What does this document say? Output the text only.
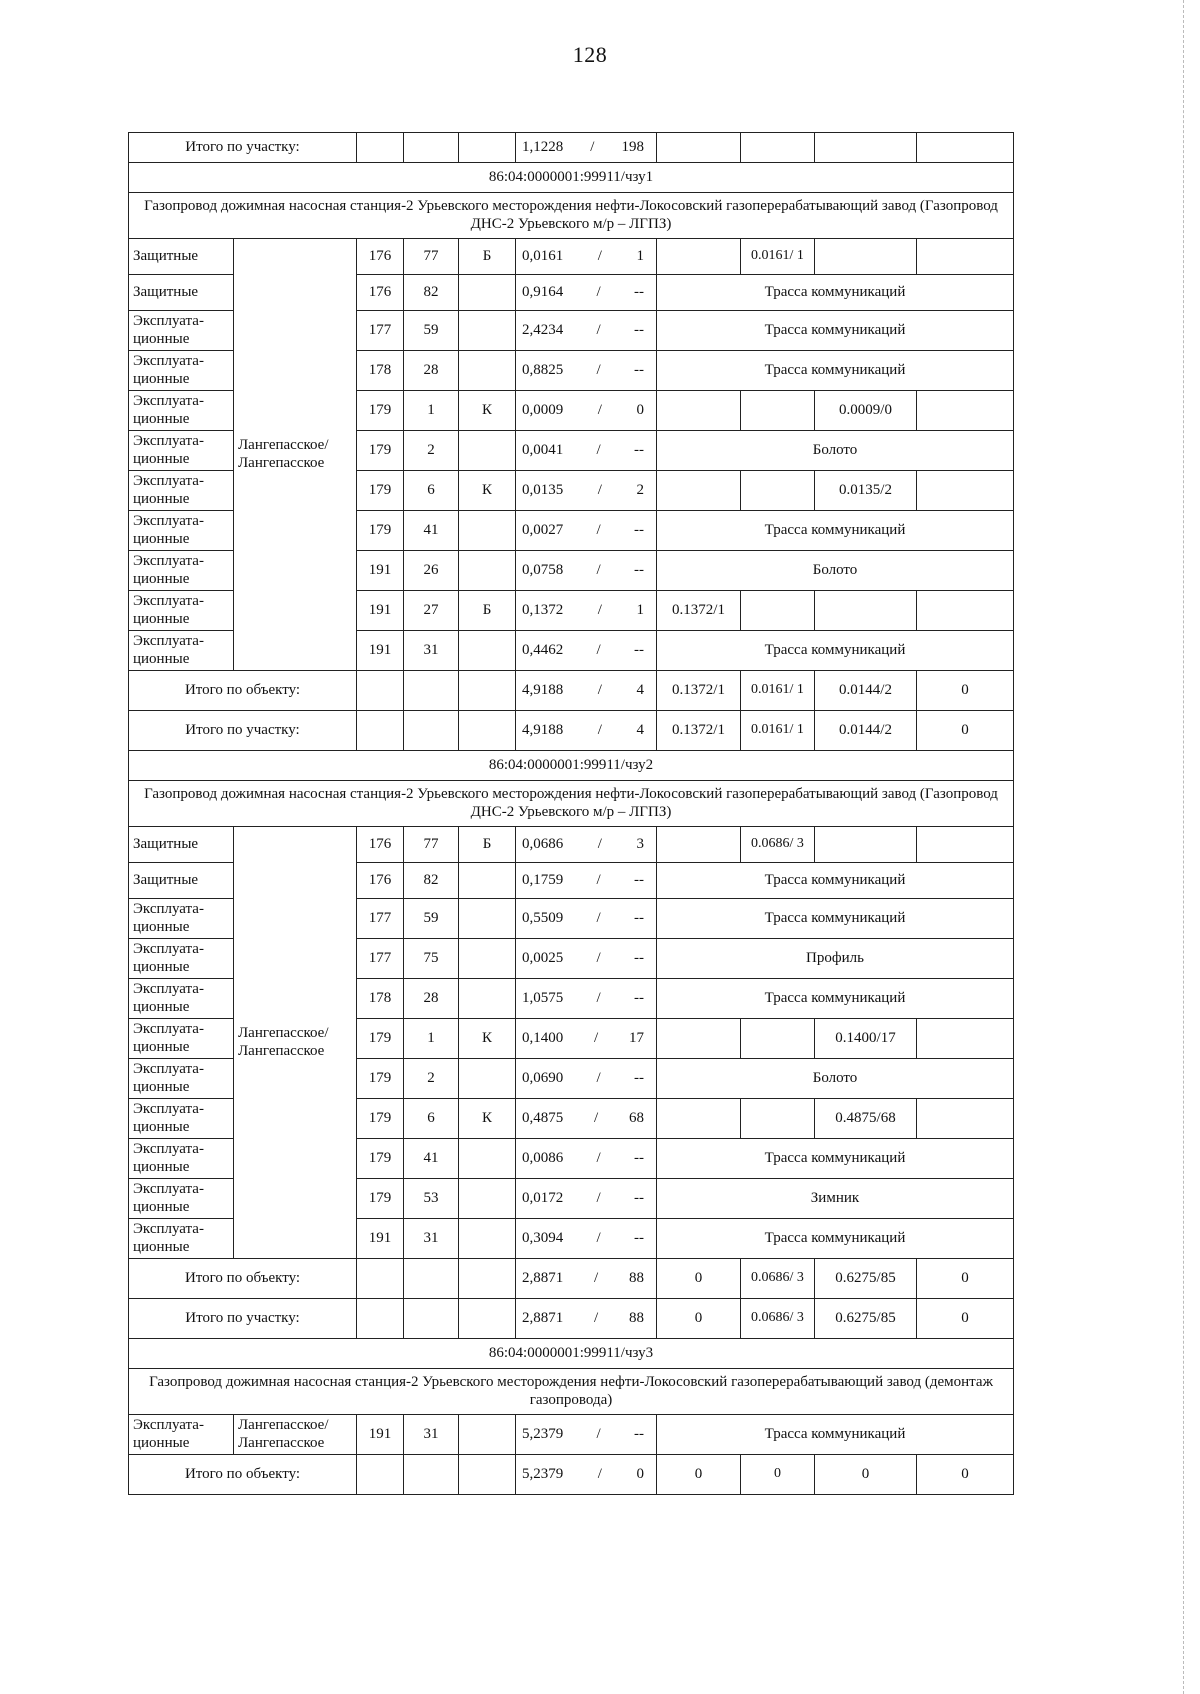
128
Итого по участку:					1,1228 / 198				

86:04:0000001:99911/чзу1									
Газопровод дожимная насосная станция-2 Урьевского месторождения нефти-Локосовский газоперерабатывающий завод (Газопровод ДНС-2 Урьевского м/р – ЛГПЗ)									
Защитные	Лангепасское/ Лангепасское	176	77	Б	0,0161 / 1		0.0161/ 1		
Защитные		176	82		0,9164 / --	Трасса коммуникаций			
Эксплуата-ционные		177	59		2,4234 / --	Трасса коммуникаций			
Эксплуата-ционные		178	28		0,8825 / --	Трасса коммуникаций			
Эксплуата-ционные		179	1	К	0,0009 / 0			0.0009/0	
Эксплуата-ционные		179	2		0,0041 / --	Болото			
Эксплуата-ционные		179	6	К	0,0135 / 2			0.0135/2	
Эксплуата-ционные		179	41		0,0027 / --	Трасса коммуникаций			
Эксплуата-ционные		191	26		0,0758 / --	Болото			
Эксплуата-ционные		191	27	Б	0,1372 / 1	0.1372/1			
Эксплуата-ционные		191	31		0,4462 / --	Трасса коммуникаций			
Итого по объекту:					4,9188 / 4	0.1372/1	0.0161/ 1	0.0144/2	0
Итого по участку:					4,9188 / 4	0.1372/1	0.0161/ 1	0.0144/2	0
86:04:0000001:99911/чзу2									
Газопровод дожимная насосная станция-2 Урьевского месторождения нефти-Локосовский газоперерабатывающий завод (Газопровод ДНС-2 Урьевского м/р – ЛГПЗ)									
Защитные	Лангепасское/ Лангепасское	176	77	Б	0,0686 / 3		0.0686/ 3		
Защитные		176	82		0,1759 / --	Трасса коммуникаций			
Эксплуата-ционные		177	59		0,5509 / --	Трасса коммуникаций			
Эксплуата-ционные		177	75		0,0025 / --	Профиль			
Эксплуата-ционные		178	28		1,0575 / --	Трасса коммуникаций			
Эксплуата-ционные		179	1	К	0,1400 / 17			0.1400/17	
Эксплуата-ционные		179	2		0,0690 / --	Болото			
Эксплуата-ционные		179	6	К	0,4875 / 68			0.4875/68	
Эксплуата-ционные		179	41		0,0086 / --	Трасса коммуникаций			
Эксплуата-ционные		179	53		0,0172 / --	Зимник			
Эксплуата-ционные		191	31		0,3094 / --	Трасса коммуникаций			
Итого по объекту:					2,8871 / 88	0	0.0686/ 3	0.6275/85	0
Итого по участку:					2,8871 / 88	0	0.0686/ 3	0.6275/85	0
86:04:0000001:99911/чзу3									
Газопровод дожимная насосная станция-2 Урьевского месторождения нефти-Локосовский газоперерабатывающий завод (демонтаж газопровода)									
Эксплуата-ционные	Лангепасское/ Лангепасское	191	31		5,2379 / --	Трасса коммуникаций			
Итого по объекту:					5,2379 / 0	0	0	0	0
